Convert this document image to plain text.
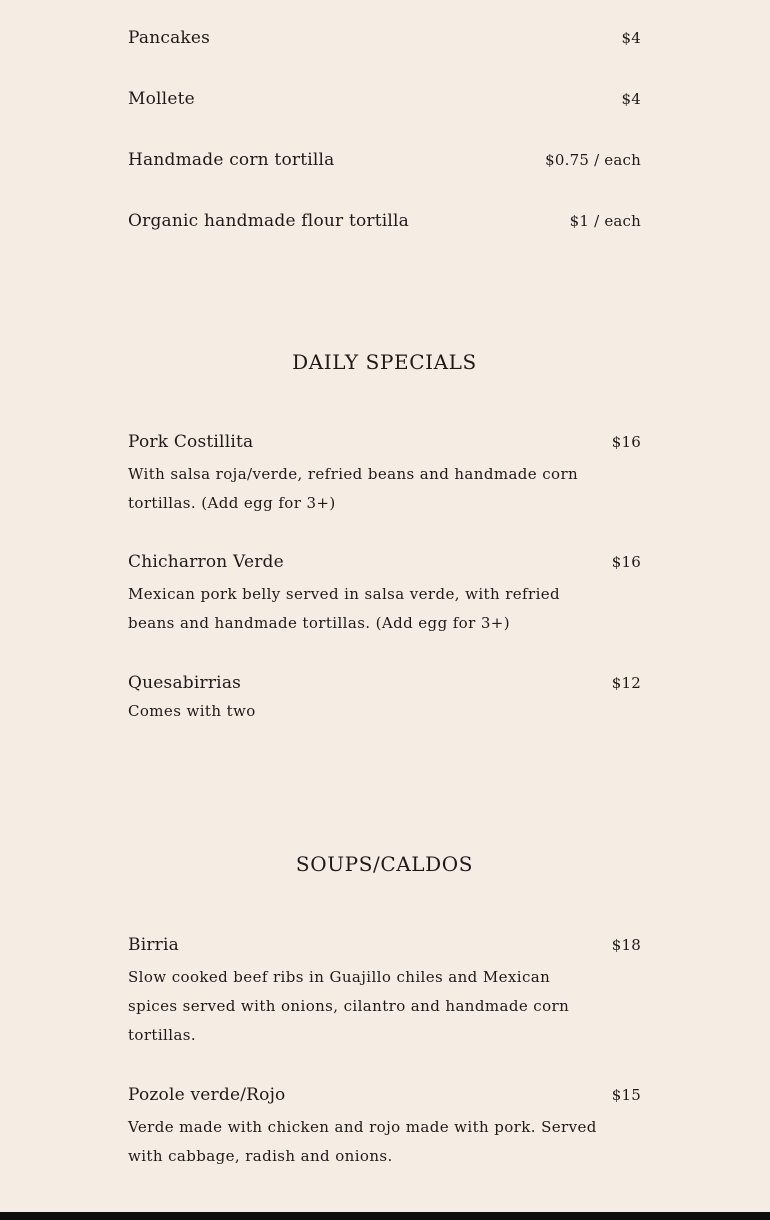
Pancakes	$4
Mollete	$4
Handmade corn tortilla	$0.75 / each
Organic handmade flour tortilla	$1 / each
DAILY SPECIALS
Pork Costillita	$16
With salsa roja/verde, refried beans and handmade corn tortillas. (Add egg for 3+)
Chicharron Verde	$16
Mexican pork belly served in salsa verde, with refried beans and handmade tortillas. (Add egg for 3+)
Quesabirrias	$12
Comes with two
SOUPS/CALDOS
Birria	$18
Slow cooked beef ribs in Guajillo chiles and Mexican spices served with onions, cilantro and handmade corn tortillas.
Pozole verde/Rojo	$15
Verde made with chicken and rojo made with pork. Served with cabbage, radish and onions.
